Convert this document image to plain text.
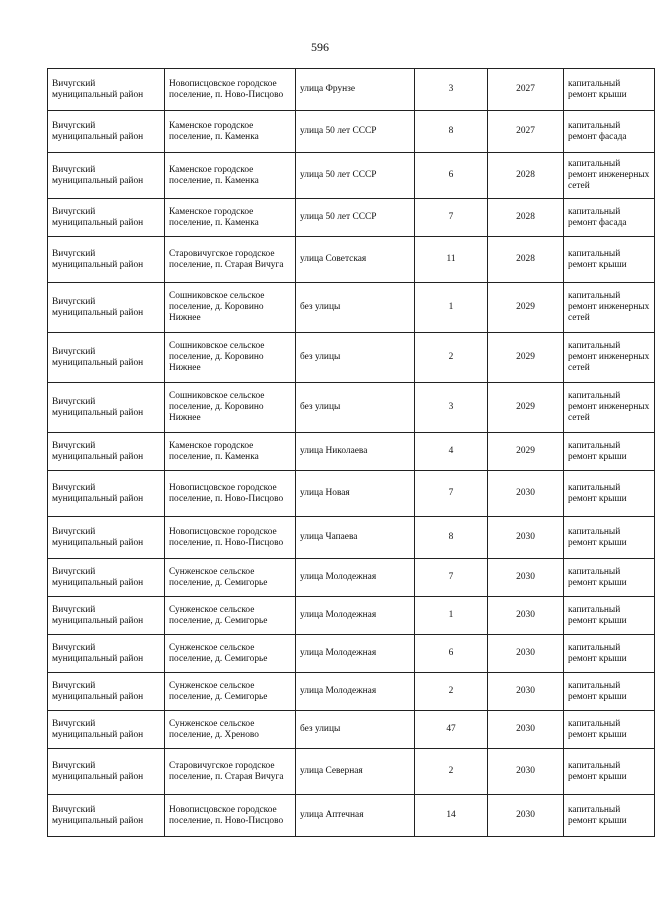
596
Вичугский муниципальный район	Новописцовское городское поселение, п. Ново-Писцово	улица Фрунзе	3	2027	капитальный ремонт крыши
Вичугский муниципальный район	Каменское городское поселение, п. Каменка	улица 50 лет СССР	8	2027	капитальный ремонт фасада
Вичугский муниципальный район	Каменское городское поселение, п. Каменка	улица 50 лет СССР	6	2028	капитальный ремонт инженерных сетей
Вичугский муниципальный район	Каменское городское поселение, п. Каменка	улица 50 лет СССР	7	2028	капитальный ремонт фасада
Вичугский муниципальный район	Старовичугское городское поселение, п. Старая Вичуга	улица Советская	11	2028	капитальный ремонт крыши
Вичугский муниципальный район	Сошниковское сельское поселение, д. Коровино Нижнее	без улицы	1	2029	капитальный ремонт инженерных сетей
Вичугский муниципальный район	Сошниковское сельское поселение, д. Коровино Нижнее	без улицы	2	2029	капитальный ремонт инженерных сетей
Вичугский муниципальный район	Сошниковское сельское поселение, д. Коровино Нижнее	без улицы	3	2029	капитальный ремонт инженерных сетей
Вичугский муниципальный район	Каменское городское поселение, п. Каменка	улица Николаева	4	2029	капитальный ремонт крыши
Вичугский муниципальный район	Новописцовское городское поселение, п. Ново-Писцово	улица Новая	7	2030	капитальный ремонт крыши
Вичугский муниципальный район	Новописцовское городское поселение, п. Ново-Писцово	улица Чапаева	8	2030	капитальный ремонт крыши
Вичугский муниципальный район	Сунженское сельское поселение, д. Семигорье	улица Молодежная	7	2030	капитальный ремонт крыши
Вичугский муниципальный район	Сунженское сельское поселение, д. Семигорье	улица Молодежная	1	2030	капитальный ремонт крыши
Вичугский муниципальный район	Сунженское сельское поселение, д. Семигорье	улица Молодежная	6	2030	капитальный ремонт крыши
Вичугский муниципальный район	Сунженское сельское поселение, д. Семигорье	улица Молодежная	2	2030	капитальный ремонт крыши
Вичугский муниципальный район	Сунженское сельское поселение, д. Хреново	без улицы	47	2030	капитальный ремонт крыши
Вичугский муниципальный район	Старовичугское городское поселение, п. Старая Вичуга	улица Северная	2	2030	капитальный ремонт крыши
Вичугский муниципальный район	Новописцовское городское поселение, п. Ново-Писцово	улица Аптечная	14	2030	капитальный ремонт крыши
